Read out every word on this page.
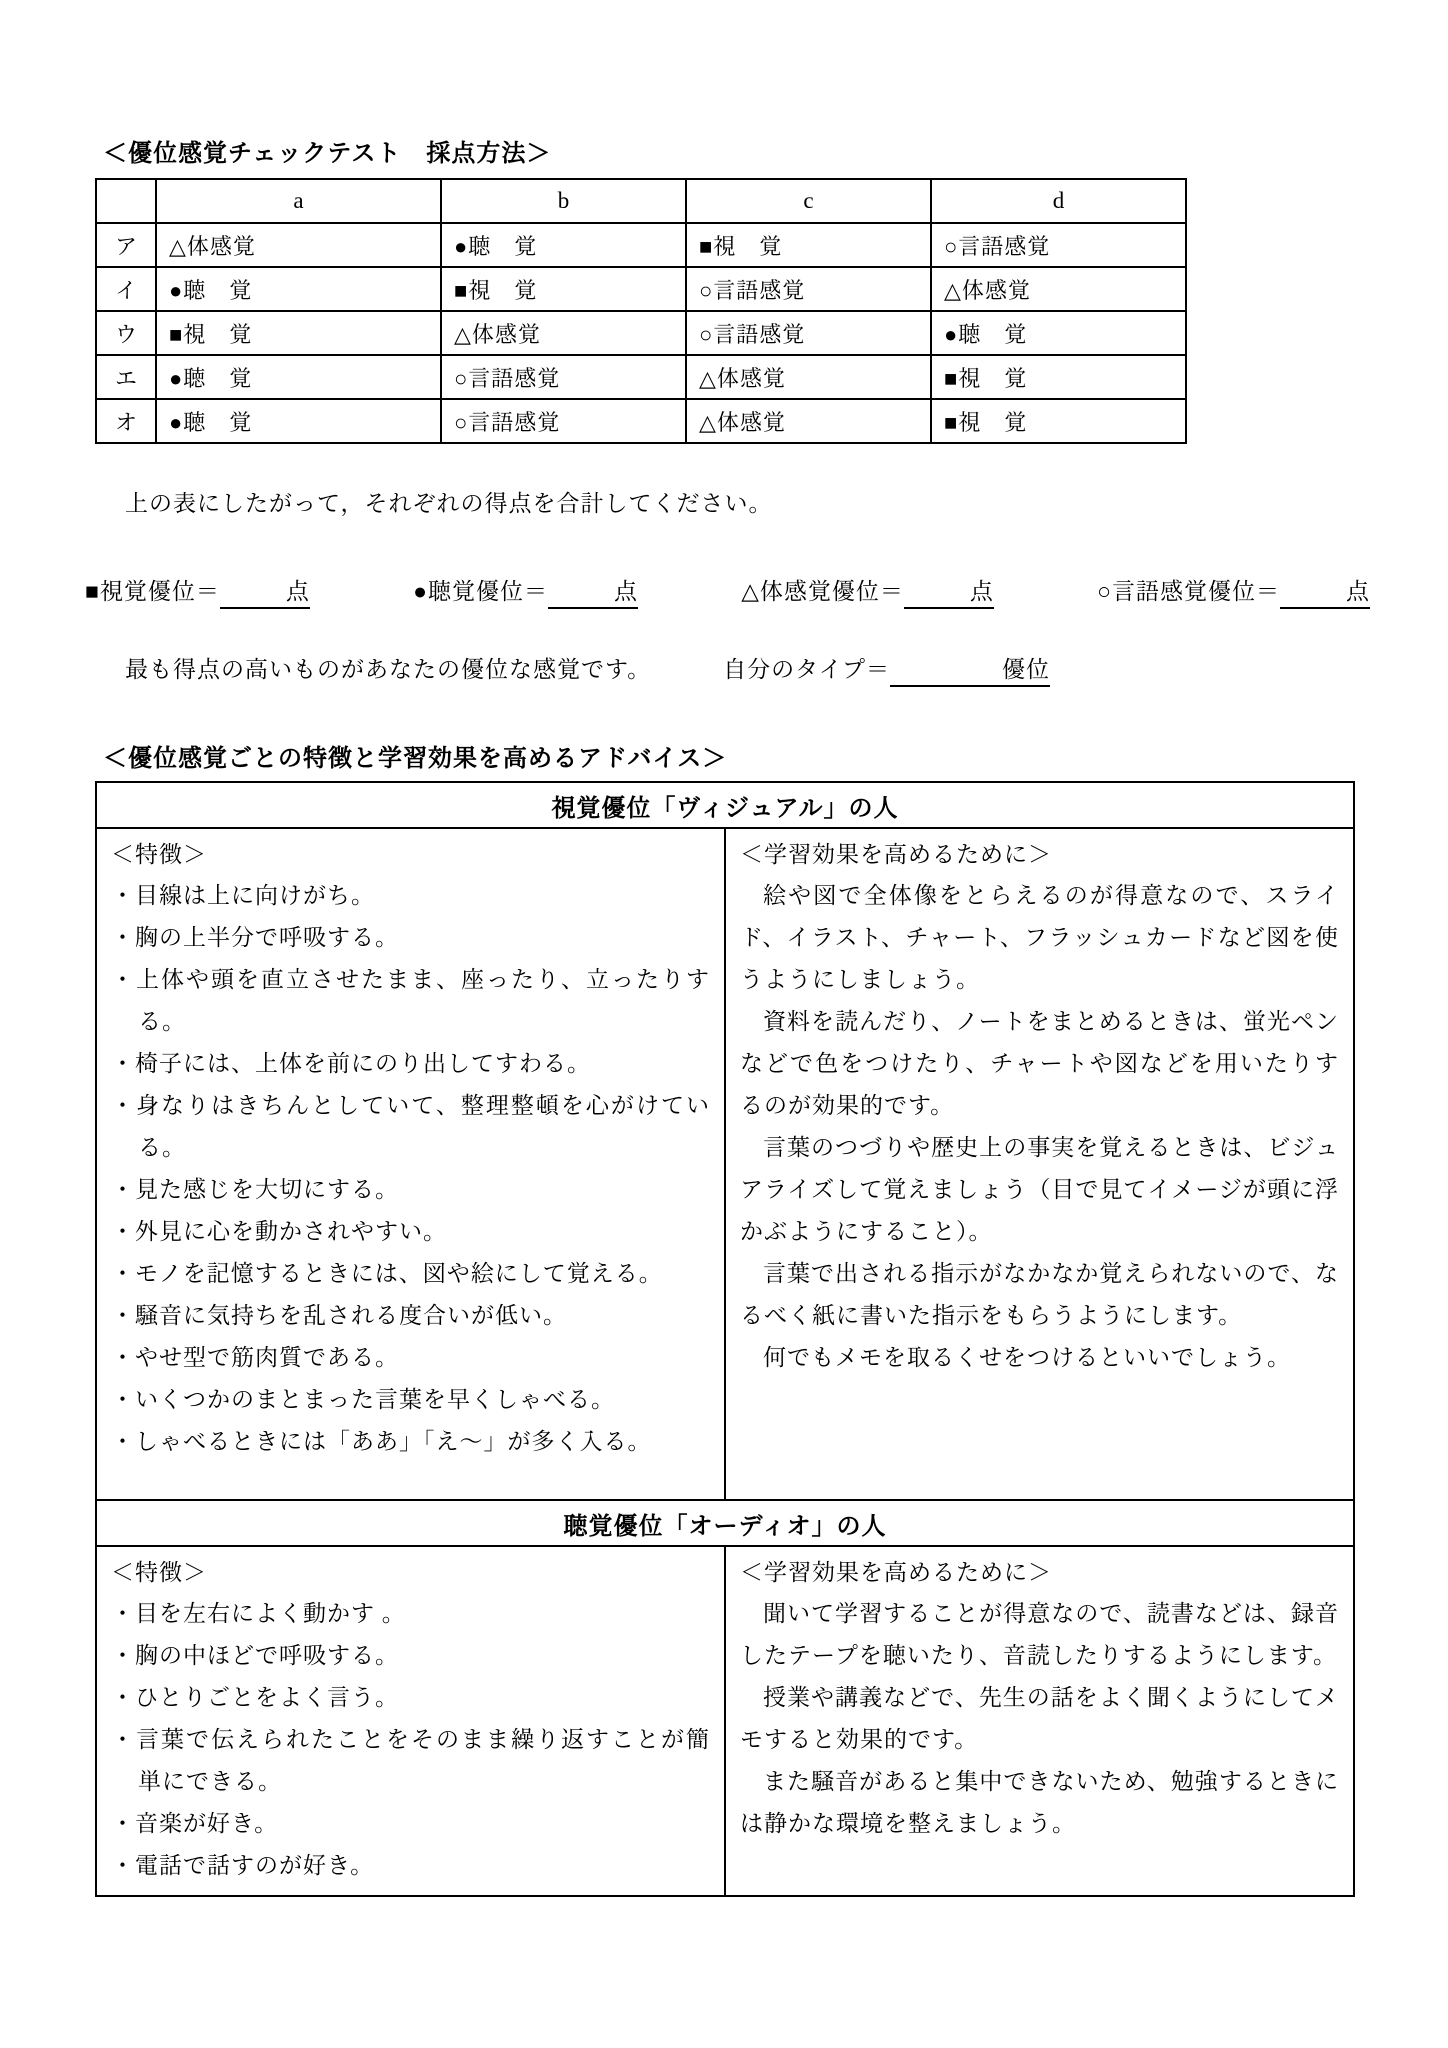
＜優位感覚チェックテスト　採点方法＞
	a	b	c	d
ア	△体感覚	●聴　覚	■視　覚	○言語感覚
イ	●聴　覚	■視　覚	○言語感覚	△体感覚
ウ	■視　覚	△体感覚	○言語感覚	●聴　覚
エ	●聴　覚	○言語感覚	△体感覚	■視　覚
オ	●聴　覚	○言語感覚	△体感覚	■視　覚

上の表にしたがって，それぞれの得点を合計してください。

■視覚優位＝	点	●聴覚優位＝	点	△体感覚優位＝	点	○言語感覚優位＝	点
最も得点の高いものがあなたの優位な感覚です。	自分のタイプ＝	優位
＜優位感覚ごとの特徴と学習効果を高めるアドバイス＞
視覚優位「ヴィジュアル」の人	

＜特徴＞
・目線は上に向けがち。
・胸の上半分で呼吸する。
・上体や頭を直立させたまま、座ったり、立ったりする。
・椅子には、上体を前にのり出してすわる。
・身なりはきちんとしていて、整理整頓を心がけている。
・見た感じを大切にする。
・外見に心を動かされやすい。
・モノを記憶するときには、図や絵にして覚える。
・騒音に気持ちを乱される度合いが低い。
・やせ型で筋肉質である。
・いくつかのまとまった言葉を早くしゃべる。
・しゃべるときには「ああ」「え～」が多く入る。

＜学習効果を高めるために＞

絵や図で全体像をとらえるのが得意なので、スライド、イラスト、チャート、フラッシュカードなど図を使うようにしましょう。

資料を読んだり、ノートをまとめるときは、蛍光ペンなどで色をつけたり、チャートや図などを用いたりするのが効果的です。

言葉のつづりや歴史上の事実を覚えるときは、ビジュアライズして覚えましょう（目で見てイメージが頭に浮かぶようにすること）。

言葉で出される指示がなかなか覚えられないので、なるべく紙に書いた指示をもらうようにします。

何でもメモを取るくせをつけるといいでしょう。

聴覚優位「オーディオ」の人	

＜特徴＞
・目を左右によく動かす 。
・胸の中ほどで呼吸する。
・ひとりごとをよく言う。
・言葉で伝えられたことをそのまま繰り返すことが簡単にできる。
・音楽が好き。
・電話で話すのが好き。

＜学習効果を高めるために＞

聞いて学習することが得意なので、読書などは、録音したテープを聴いたり、音読したりするようにします。

授業や講義などで、先生の話をよく聞くようにしてメモすると効果的です。

また騒音があると集中できないため、勉強するときには静かな環境を整えましょう。
